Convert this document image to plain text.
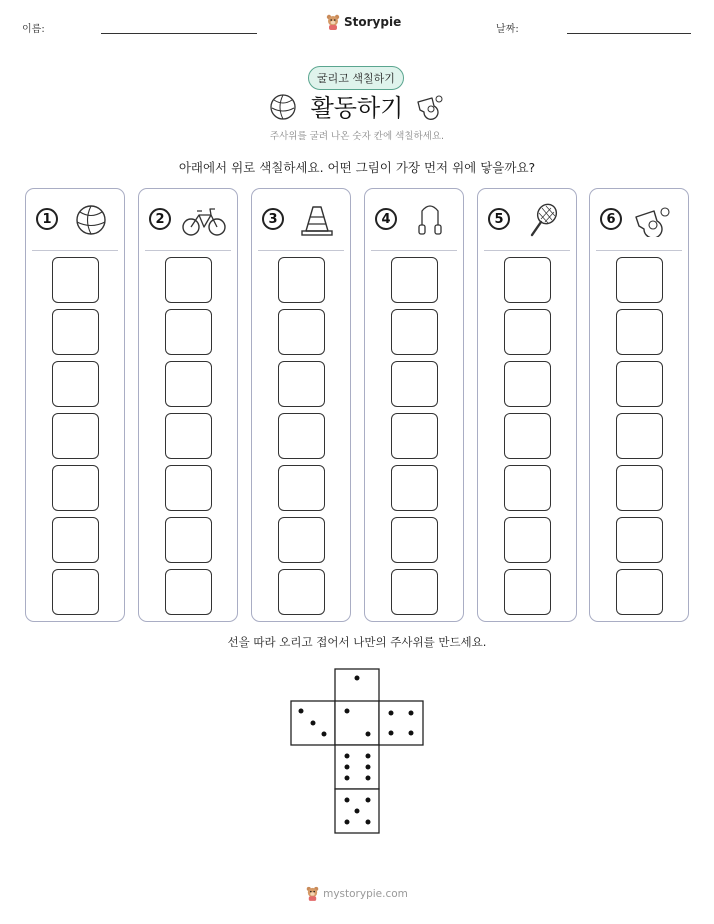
이름:
Storypie
날짜:
굴리고 색칠하기
활동하기
주사위를 굴려 나온 숫자 칸에 색칠하세요.
아래에서 위로 색칠하세요. 어떤 그림이 가장 먼저 위에 닿을까요?
1	2	3	4	5	6
선을 따라 오리고 접어서 나만의 주사위를 만드세요.
mystorypie.com
